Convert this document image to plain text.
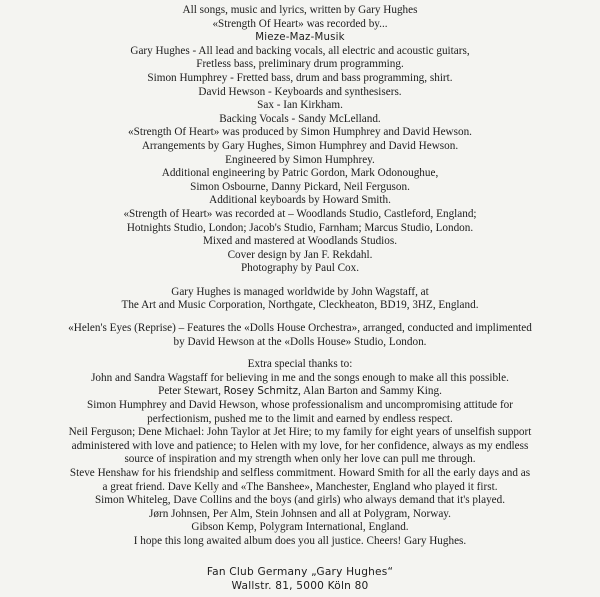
All songs, music and lyrics, written by Gary Hughes
«Strength Of Heart» was recorded by...
Mieze-Maz-Musik
Gary Hughes - All lead and backing vocals, all electric and acoustic guitars,
Fretless bass, preliminary drum programming.
Simon Humphrey - Fretted bass, drum and bass programming, shirt.
David Hewson - Keyboards and synthesisers.
Sax - Ian Kirkham.
Backing Vocals - Sandy McLelland.
«Strength Of Heart» was produced by Simon Humphrey and David Hewson.
Arrangements by Gary Hughes, Simon Humphrey and David Hewson.
Engineered by Simon Humphrey.
Additional engineering by Patric Gordon, Mark Odonoughue,
Simon Osbourne, Danny Pickard, Neil Ferguson.
Additional keyboards by Howard Smith.
«Strength of Heart» was recorded at – Woodlands Studio, Castleford, England;
Hotnights Studio, London; Jacob's Studio, Farnham; Marcus Studio, London.
Mixed and mastered at Woodlands Studios.
Cover design by Jan F. Rekdahl.
Photography by Paul Cox.
Gary Hughes is managed worldwide by John Wagstaff, at
The Art and Music Corporation, Northgate, Cleckheaton, BD19, 3HZ, England.
«Helen's Eyes (Reprise) – Features the «Dolls House Orchestra», arranged, conducted and implimented
by David Hewson at the «Dolls House» Studio, London.
Extra special thanks to:
John and Sandra Wagstaff for believing in me and the songs enough to make all this possible.
Peter Stewart, Rosey Schmitz, Alan Barton and Sammy King.
Simon Humphrey and David Hewson, whose professionalism and uncompromising attitude for
perfectionism, pushed me to the limit and earned by endless respect.
Neil Ferguson; Dene Michael: John Taylor at Jet Hire; to my family for eight years of unselfish support
administered with love and patience; to Helen with my love, for her confidence, always as my endless
source of inspiration and my strength when only her love can pull me through.
Steve Henshaw for his friendship and selfless commitment. Howard Smith for all the early days and as
a great friend. Dave Kelly and «The Banshee», Manchester, England who played it first.
Simon Whiteleg, Dave Collins and the boys (and girls) who always demand that it's played.
Jørn Johnsen, Per Alm, Stein Johnsen and all at Polygram, Norway.
Gibson Kemp, Polygram International, England.
I hope this long awaited album does you all justice. Cheers! Gary Hughes.
Fan Club Germany „Gary Hughes“
Wallstr. 81, 5000 Köln 80
